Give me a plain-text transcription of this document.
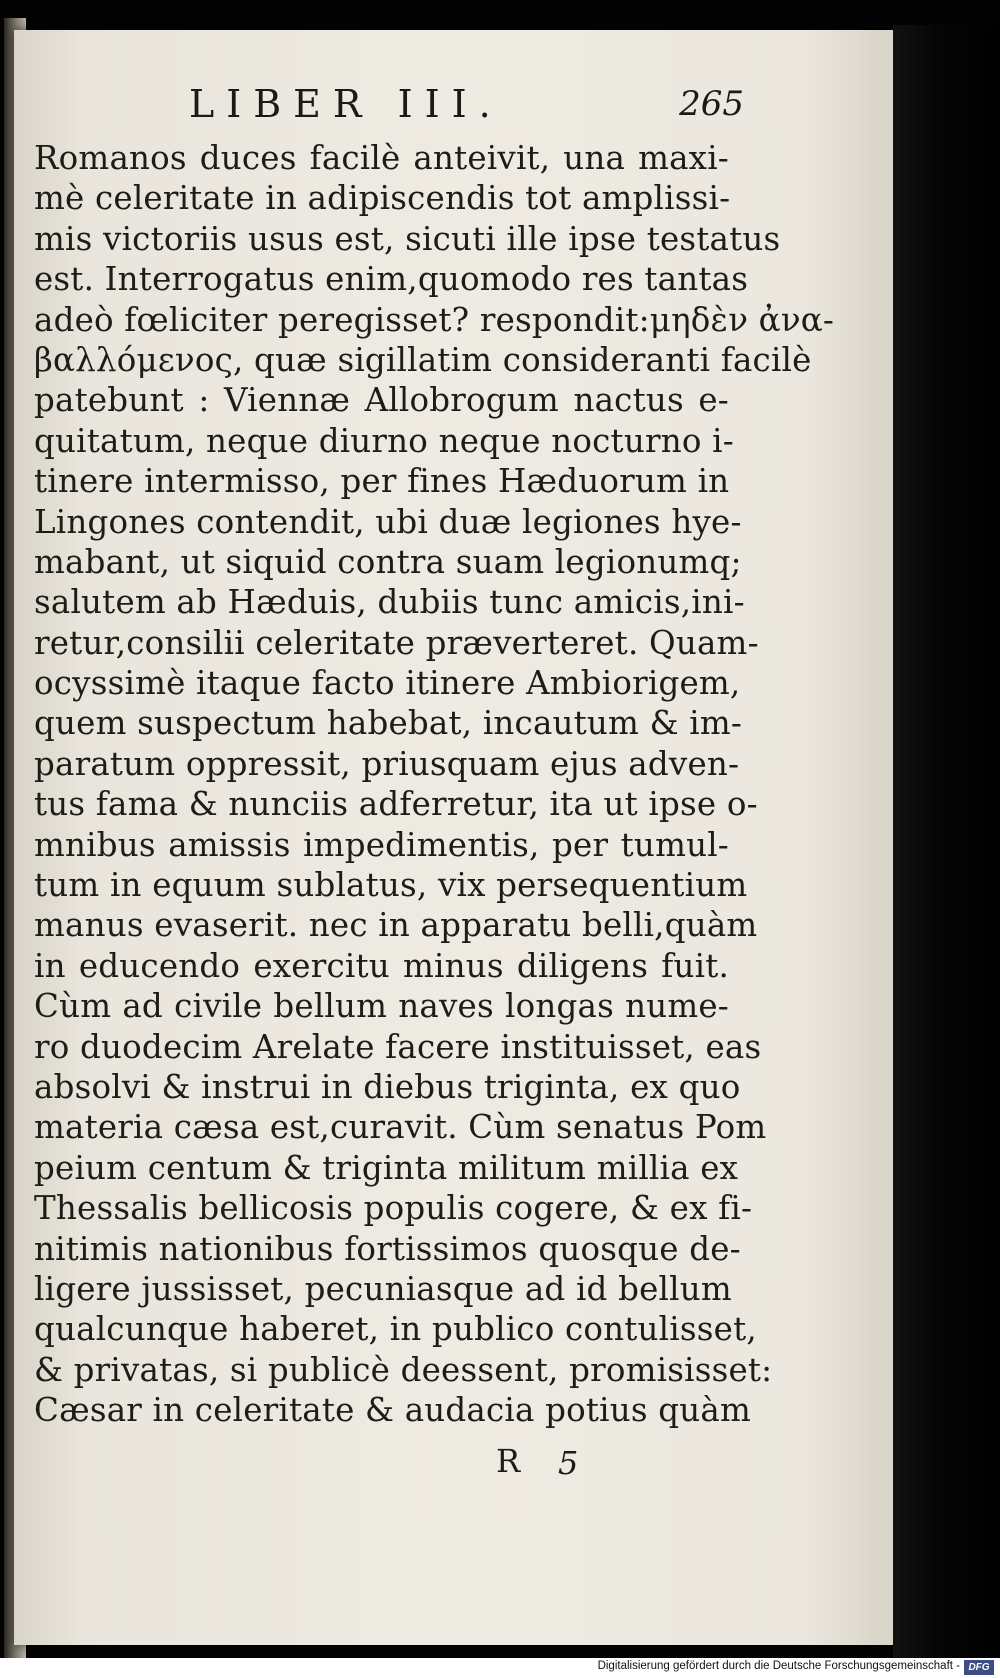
LIBER III.	265
Romanos duces facilè anteivit, una maxi-
mè celeritate in adipiscendis tot amplissi-
mis victoriis usus est, sicuti ille ipse testatus
est. Interrogatus enim,quomodo res tantas
adeò fœliciter peregisset? respondit:μηδὲν ἀνα-
βαλλόμενος, quæ sigillatim consideranti facilè
patebunt : Viennæ Allobrogum nactus e-
quitatum, neque diurno neque nocturno i-
tinere intermisso, per fines Hæduorum in
Lingones contendit, ubi duæ legiones hye-
mabant, ut siquid contra suam legionumq;
salutem ab Hæduis, dubiis tunc amicis,ini-
retur,consilii celeritate præverteret. Quam-
ocyssimè itaque facto itinere Ambiorigem,
quem suspectum habebat, incautum & im-
paratum oppressit, priusquam ejus adven-
tus fama & nunciis adferretur, ita ut ipse o-
mnibus amissis impedimentis, per tumul-
tum in equum sublatus, vix persequentium
manus evaserit. nec in apparatu belli,quàm
in educendo exercitu minus diligens fuit.
Cùm ad civile bellum naves longas nume-
ro duodecim Arelate facere instituisset, eas
absolvi & instrui in diebus triginta, ex quo
materia cæsa est,curavit. Cùm senatus Pom
peium centum & triginta militum millia ex
Thessalis bellicosis populis cogere, & ex fi-
nitimis nationibus fortissimos quosque de-
ligere jussisset, pecuniasque ad id bellum
qualcunque haberet, in publico contulisset,
& privatas, si publicè deessent, promisisset:
Cæsar in celeritate & audacia potius quàm
R 5
Digitalisierung gefördert durch die Deutsche Forschungsgemeinschaft - DFG
